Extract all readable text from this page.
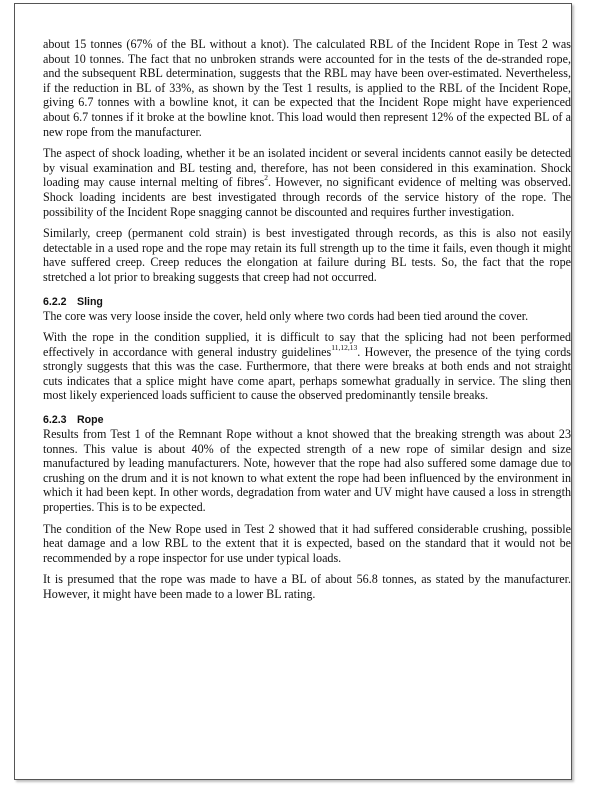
about 15 tonnes (67% of the BL without a knot). The calculated RBL of the Incident Rope in Test 2 was about 10 tonnes. The fact that no unbroken strands were accounted for in the tests of the de-stranded rope, and the subsequent RBL determination, suggests that the RBL may have been over-estimated. Nevertheless, if the reduction in BL of 33%, as shown by the Test 1 results, is applied to the RBL of the Incident Rope, giving 6.7 tonnes with a bowline knot, it can be expected that the Incident Rope might have experienced about 6.7 tonnes if it broke at the bowline knot. This load would then represent 12% of the expected BL of a new rope from the manufacturer.

The aspect of shock loading, whether it be an isolated incident or several incidents cannot easily be detected by visual examination and BL testing and, therefore, has not been considered in this examination. Shock loading may cause internal melting of fibres$^2$. However, no significant evidence of melting was observed. Shock loading incidents are best investigated through records of the service history of the rope. The possibility of the Incident Rope snagging cannot be discounted and requires further investigation.

Similarly, creep (permanent cold strain) is best investigated through records, as this is also not easily detectable in a used rope and the rope may retain its full strength up to the time it fails, even though it might have suffered creep. Creep reduces the elongation at failure during BL tests. So, the fact that the rope stretched a lot prior to breaking suggests that creep had not occurred.

6.2.2 Sling

The core was very loose inside the cover, held only where two cords had been tied around the cover.

With the rope in the condition supplied, it is difficult to say that the splicing had not been performed effectively in accordance with general industry guidelines$^{11,12,13}$. However, the presence of the tying cords strongly suggests that this was the case. Furthermore, that there were breaks at both ends and not straight cuts indicates that a splice might have come apart, perhaps somewhat gradually in service. The sling then most likely experienced loads sufficient to cause the observed predominantly tensile breaks.

6.2.3 Rope

Results from Test 1 of the Remnant Rope without a knot showed that the breaking strength was about 23 tonnes. This value is about 40% of the expected strength of a new rope of similar design and size manufactured by leading manufacturers. Note, however that the rope had also suffered some damage due to crushing on the drum and it is not known to what extent the rope had been influenced by the environment in which it had been kept. In other words, degradation from water and UV might have caused a loss in strength properties. This is to be expected.

The condition of the New Rope used in Test 2 showed that it had suffered considerable crushing, possible heat damage and a low RBL to the extent that it is expected, based on the standard that it would not be recommended by a rope inspector for use under typical loads.

It is presumed that the rope was made to have a BL of about 56.8 tonnes, as stated by the manufacturer. However, it might have been made to a lower BL rating.
